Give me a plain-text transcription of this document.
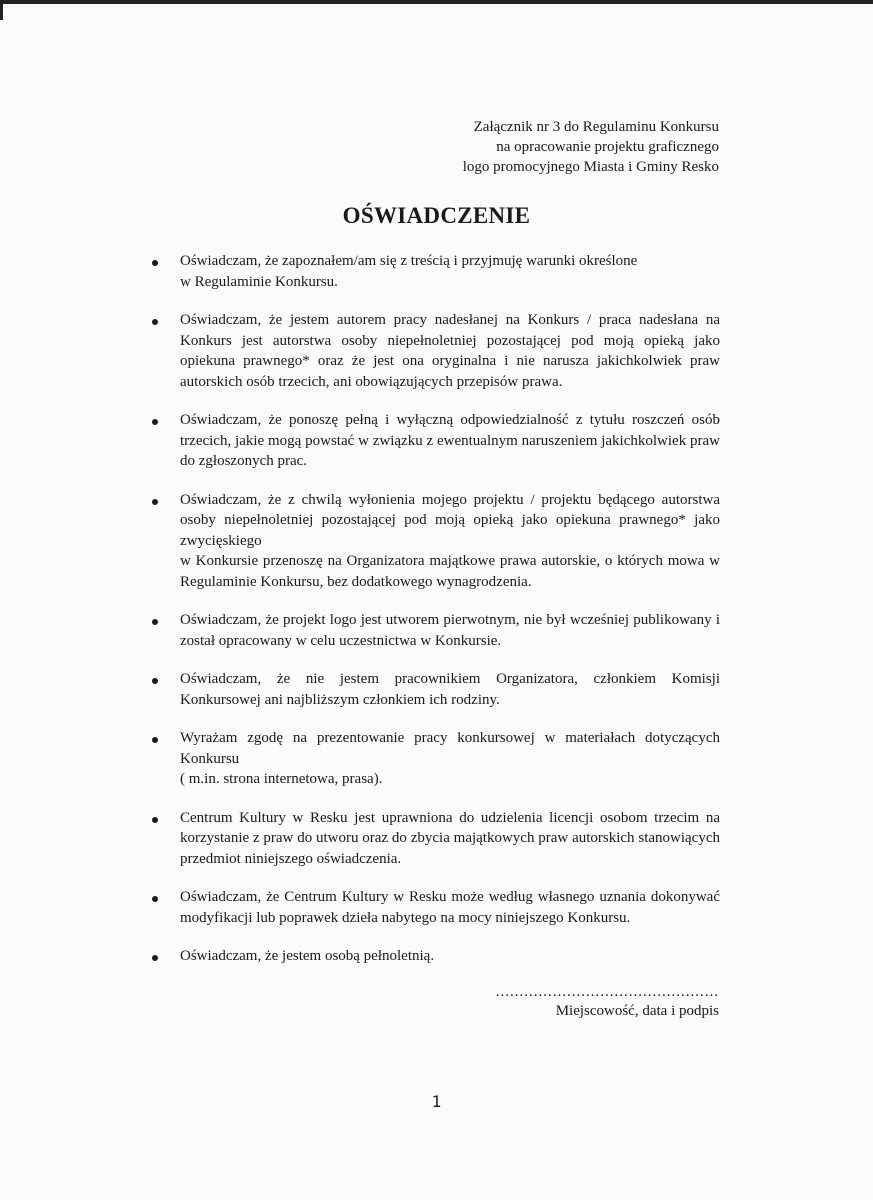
Załącznik nr 3 do Regulaminu Konkursu
na opracowanie projektu graficznego
logo promocyjnego Miasta i Gminy Resko
OŚWIADCZENIE
Oświadczam, że zapoznałem/am się z treścią i przyjmuję warunki określone
w Regulaminie Konkursu.
Oświadczam, że jestem autorem pracy nadesłanej na Konkurs / praca nadesłana na Konkurs jest autorstwa osoby niepełnoletniej pozostającej pod moją opieką jako opiekuna prawnego* oraz że jest ona oryginalna i nie narusza jakichkolwiek praw autorskich osób trzecich, ani obowiązujących przepisów prawa.
Oświadczam, że ponoszę pełną i wyłączną odpowiedzialność z tytułu roszczeń osób trzecich, jakie mogą powstać w związku z ewentualnym naruszeniem jakichkolwiek praw do zgłoszonych prac.
Oświadczam, że z chwilą wyłonienia mojego projektu / projektu będącego autorstwa osoby niepełnoletniej pozostającej pod moją opieką jako opiekuna prawnego* jako zwycięskiego
w Konkursie przenoszę na Organizatora majątkowe prawa autorskie, o których mowa w Regulaminie Konkursu, bez dodatkowego wynagrodzenia.
Oświadczam, że projekt logo jest utworem pierwotnym, nie był wcześniej publikowany i został opracowany w celu uczestnictwa w Konkursie.
Oświadczam, że nie jestem pracownikiem Organizatora, członkiem Komisji Konkursowej ani najbliższym członkiem ich rodziny.
Wyrażam zgodę na prezentowanie pracy konkursowej w materiałach dotyczących Konkursu
( m.in. strona internetowa, prasa).
Centrum Kultury w Resku jest uprawniona do udzielenia licencji osobom trzecim na korzystanie z praw do utworu oraz do zbycia majątkowych praw autorskich stanowiących przedmiot niniejszego oświadczenia.
Oświadczam, że Centrum Kultury w Resku może według własnego uznania dokonywać modyfikacji lub poprawek dzieła nabytego na mocy niniejszego Konkursu.
Oświadczam, że jestem osobą pełnoletnią.
...............................................
Miejscowość, data i podpis
1
